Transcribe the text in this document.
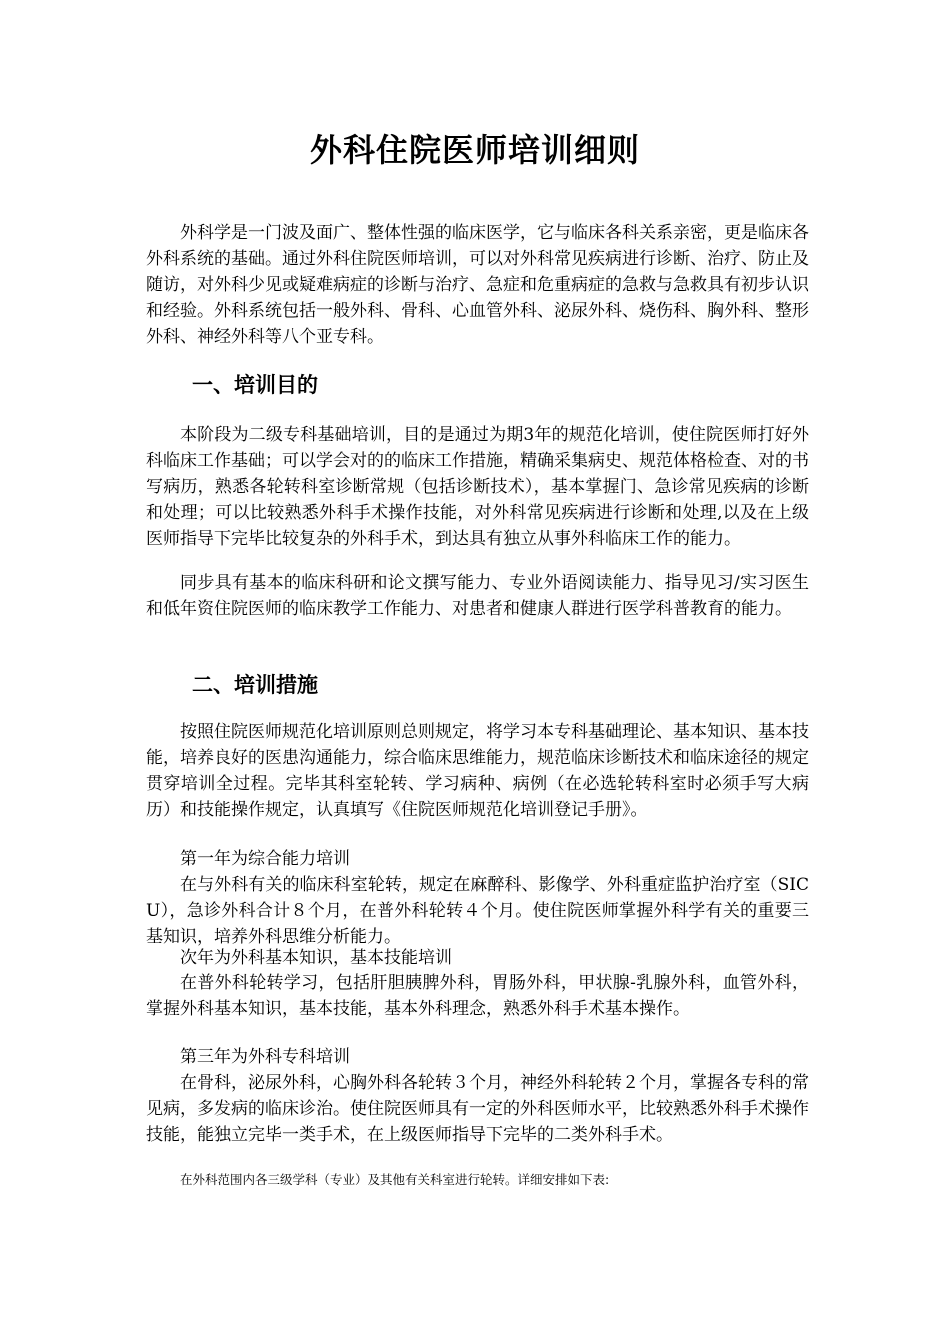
外科住院医师培训细则
外科学是一门波及面广、整体性强的临床医学，它与临床各科关系亲密，更是临床各外科系统的基础。通过外科住院医师培训，可以对外科常见疾病进行诊断、治疗、防止及随访，对外科少见或疑难病症的诊断与治疗、急症和危重病症的急救与急救具有初步认识和经验。外科系统包括一般外科、骨科、心血管外科、泌尿外科、烧伤科、胸外科、整形外科、神经外科等八个亚专科。
一、培训目的
本阶段为二级专科基础培训，目的是通过为期3年的规范化培训，使住院医师打好外科临床工作基础；可以学会对的的临床工作措施，精确采集病史、规范体格检查、对的书写病历，熟悉各轮转科室诊断常规（包括诊断技术），基本掌握门、急诊常见疾病的诊断和处理；可以比较熟悉外科手术操作技能，对外科常见疾病进行诊断和处理,以及在上级医师指导下完毕比较复杂的外科手术，到达具有独立从事外科临床工作的能力。
同步具有基本的临床科研和论文撰写能力、专业外语阅读能力、指导见习/实习医生和低年资住院医师的临床教学工作能力、对患者和健康人群进行医学科普教育的能力。
二、培训措施
按照住院医师规范化培训原则总则规定，将学习本专科基础理论、基本知识、基本技能，培养良好的医患沟通能力，综合临床思维能力，规范临床诊断技术和临床途径的规定贯穿培训全过程。完毕其科室轮转、学习病种、病例（在必选轮转科室时必须手写大病历）和技能操作规定，认真填写《住院医师规范化培训登记手册》。
第一年为综合能力培训
在与外科有关的临床科室轮转，规定在麻醉科、影像学、外科重症监护治疗室（SICU），急诊外科合计８个月，在普外科轮转４个月。使住院医师掌握外科学有关的重要三基知识，培养外科思维分析能力。
次年为外科基本知识，基本技能培训
在普外科轮转学习，包括肝胆胰脾外科，胃肠外科，甲状腺-乳腺外科，血管外科，掌握外科基本知识，基本技能，基本外科理念，熟悉外科手术基本操作。
第三年为外科专科培训
在骨科，泌尿外科，心胸外科各轮转３个月，神经外科轮转２个月，掌握各专科的常见病，多发病的临床诊治。使住院医师具有一定的外科医师水平，比较熟悉外科手术操作技能，能独立完毕一类手术，在上级医师指导下完毕的二类外科手术。
在外科范围内各三级学科（专业）及其他有关科室进行轮转。详细安排如下表:
